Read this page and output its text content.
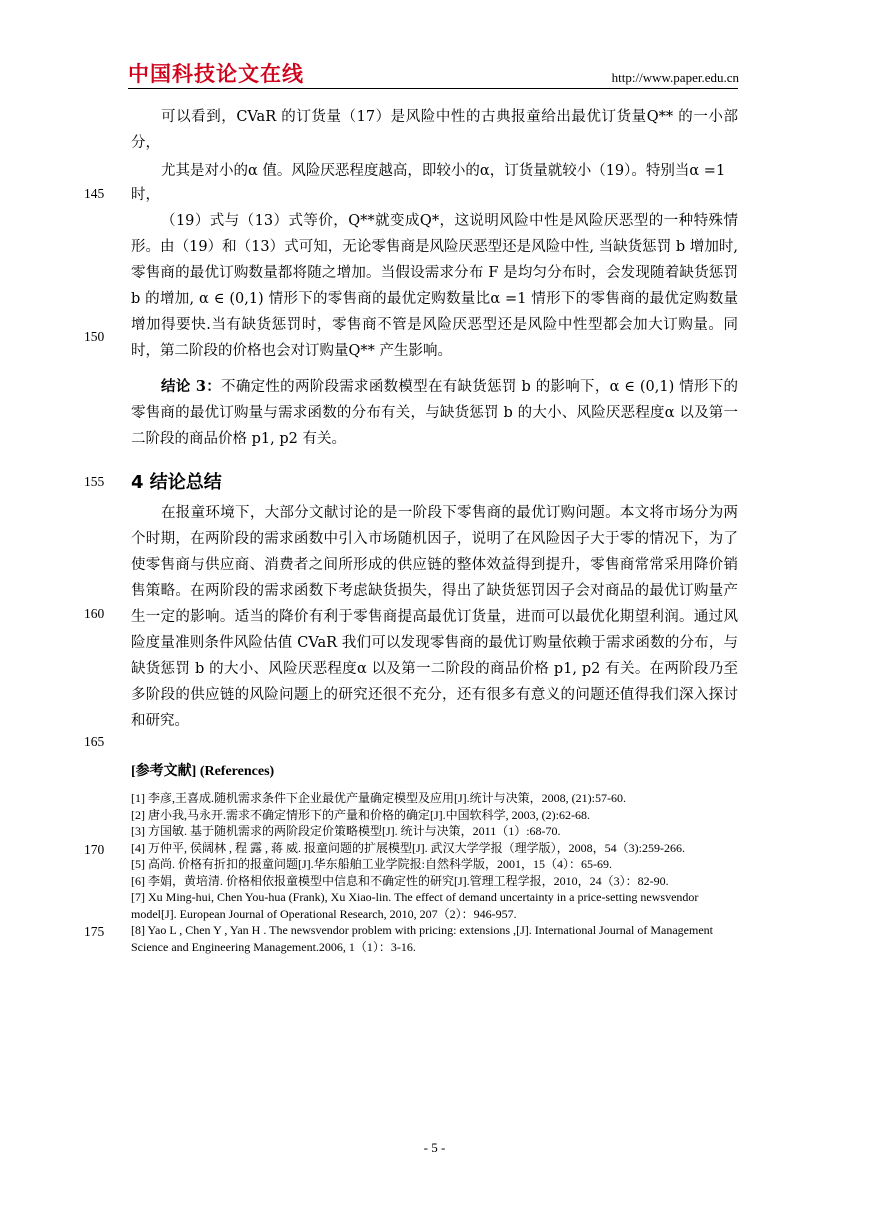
中国科技论文在线	http://www.paper.edu.cn
可以看到，CVaR 的订货量（17）是风险中性的古典报童给出最优订货量Q** 的一小部分，
尤其是对小的α 值。风险厌恶程度越高，即较小的α，订货量就较小（19）。特别当α =1
145 时，
（19）式与（13）式等价，Q**就变成Q*，这说明风险中性是风险厌恶型的一种特殊情形。由（19）和（13）式可知，无论零售商是风险厌恶型还是风险中性, 当缺货惩罚 b 增加时, 零售商的最优订购数量都将随之增加。当假设需求分布 F 是均匀分布时，会发现随着缺货惩罚 b 的增加, α ∈ (0,1) 情形下的零售商的最优定购数量比α =1 情形下的零售商的最优定购数量增加得要快.当有缺货惩罚时，零售商不管是风险厌恶型还是风险中性型都会加大订购量。同时，第二阶段的价格也会对订购量Q** 产生影响。
150
结论 3：不确定性的两阶段需求函数模型在有缺货惩罚 b 的影响下，α ∈ (0,1) 情形下的零售商的最优订购量与需求函数的分布有关，与缺货惩罚 b 的大小、风险厌恶程度α 以及第一二阶段的商品价格 p1, p2 有关。
155 4 结论总结
在报童环境下，大部分文献讨论的是一阶段下零售商的最优订购问题。本文将市场分为两个时期，在两阶段的需求函数中引入市场随机因子，说明了在风险因子大于零的情况下，为了使零售商与供应商、消费者之间所形成的供应链的整体效益得到提升，零售商常常采用降价销售策略。在两阶段的需求函数下考虑缺货损失，得出了缺货惩罚因子会对商品的最优订购量产生一定的影响。适当的降价有利于零售商提高最优订货量，进而可以最优化期望利润。通过风险度量准则条件风险估值 CVaR 我们可以发现零售商的最优订购量依赖于需求函数的分布，与缺货惩罚 b 的大小、风险厌恶程度α 以及第一二阶段的商品价格 p1, p2 有关。在两阶段乃至多阶段的供应链的风险问题上的研究还很不充分，还有很多有意义的问题还值得我们深入探讨和研究。
160
165
[参考文献] (References)

[1] 李彦,王喜成.随机需求条件下企业最优产量确定模型及应用[J].统计与决策，2008, (21):57-60.

[2] 唐小我,马永开.需求不确定情形下的产量和价格的确定[J].中国软科学, 2003, (2):62-68.

[3] 方国敏. 基于随机需求的两阶段定价策略模型[J]. 统计与决策，2011（1）:68-70.

[4] 万仲平, 侯阔林 , 程 露 , 蒋 威. 报童问题的扩展模型[J]. 武汉大学学报（理学版），2008，54（3):259-266.

[5] 高尚. 价格有折扣的报童问题[J].华东船舶工业学院报:自然科学版，2001，15（4）：65-69.

[6] 李娟，黄培清. 价格相依报童模型中信息和不确定性的研究[J].管理工程学报，2010，24（3）：82-90.

[7] Xu Ming-hui, Chen You-hua (Frank), Xu Xiao-lin. The effect of demand uncertainty in a price-setting newsvendor model[J]. European Journal of Operational Research, 2010, 207（2）：946-957.

[8] Yao L , Chen Y , Yan H . The newsvendor problem with pricing: extensions ,[J]. International Journal of Management Science and Engineering Management.2006, 1（1）：3-16.

170
175
- 5 -
